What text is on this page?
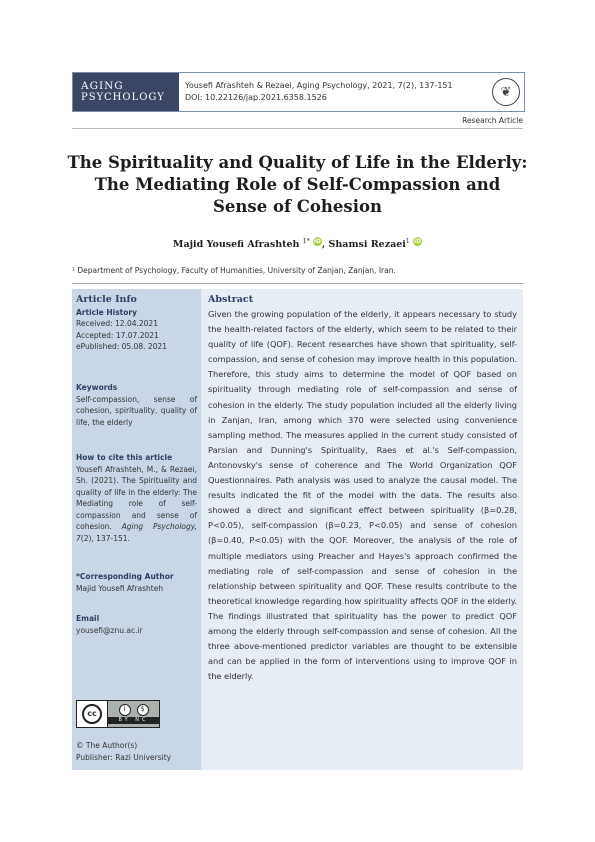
AGING
PSYCHOLOGY
Yousefi Afrashteh & Rezaei, Aging Psychology, 2021, 7(2), 137-151
DOI: 10.22126/jap.2021.6358.1526	❦
Research Article
The Spirituality and Quality of Life in the Elderly:
The Mediating Role of Self-Compassion and
Sense of Cohesion
Majid Yousefi Afrashteh $^{1*}$ iD, Shamsi Rezaei$^1$ iD
¹ Department of Psychology, Faculty of Humanities, University of Zanjan, Zanjan, Iran.
Article Info
Article History

Received: 12.04.2021

Accepted: 17.07.2021

ePublished: 05.08. 2021

Keywords

Self-compassion, sense of cohesion, spirituality, quality of life, the elderly

How to cite this article

Yousefi Afrashteh, M., & Rezaei, Sh. (2021). The Spirituality and quality of life in the elderly: The Mediating role of self-compassion and sense of cohesion. Aging Psychology, 7(2), 137-151.

*Corresponding Author

Majid Yousefi Afrashteh

Email

yousefi@znu.ac.ir

cc	i	$
BY NC

© The Author(s)

Publisher: Razi University

Abstract

Given the growing population of the elderly, it appears necessary to study the health-related factors of the elderly, which seem to be related to their quality of life (QOF). Recent researches have shown that spirituality, self-compassion, and sense of cohesion may improve health in this population. Therefore, this study aims to determine the model of QOF based on spirituality through mediating role of self-compassion and sense of cohesion in the elderly. The study population included all the elderly living in Zanjan, Iran, among which 370 were selected using convenience sampling method. The measures applied in the current study consisted of Parsian and Dunning's Spirituality, Raes et al.'s Self-compassion, Antonovsky's sense of coherence and The World Organization QOF Questionnaires. Path analysis was used to analyze the causal model. The results indicated the fit of the model with the data. The results also showed a direct and significant effect between spirituality (β=0.28, P<0.05), self-compassion (β=0.23, P<0.05) and sense of cohesion (β=0.40, P<0.05) with the QOF. Moreover, the analysis of the role of multiple mediators using Preacher and Hayes's approach confirmed the mediating role of self-compassion and sense of cohesion in the relationship between spirituality and QOF. These results contribute to the theoretical knowledge regarding how spirituality affects QOF in the elderly. The findings illustrated that spirituality has the power to predict QOF among the elderly through self-compassion and sense of cohesion. All the three above-mentioned predictor variables are thought to be extensible and can be applied in the form of interventions using to improve QOF in the elderly.
